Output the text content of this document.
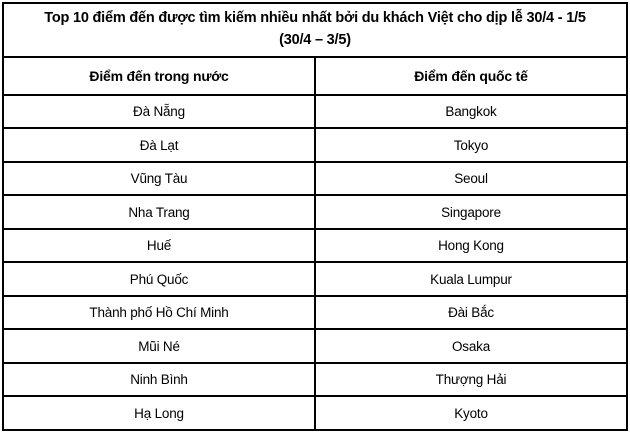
Top 10 điểm đến được tìm kiếm nhiều nhất bởi du khách Việt cho dịp lễ 30/4 - 1/5
(30/4 – 3/5)	

Điểm đến trong nước	Điểm đến quốc tế
Đà Nẵng	Bangkok
Đà Lạt	Tokyo
Vũng Tàu	Seoul
Nha Trang	Singapore
Huế	Hong Kong
Phú Quốc	Kuala Lumpur
Thành phố Hồ Chí Minh	Đài Bắc
Mũi Né	Osaka
Ninh Bình	Thượng Hải
Hạ Long	Kyoto
